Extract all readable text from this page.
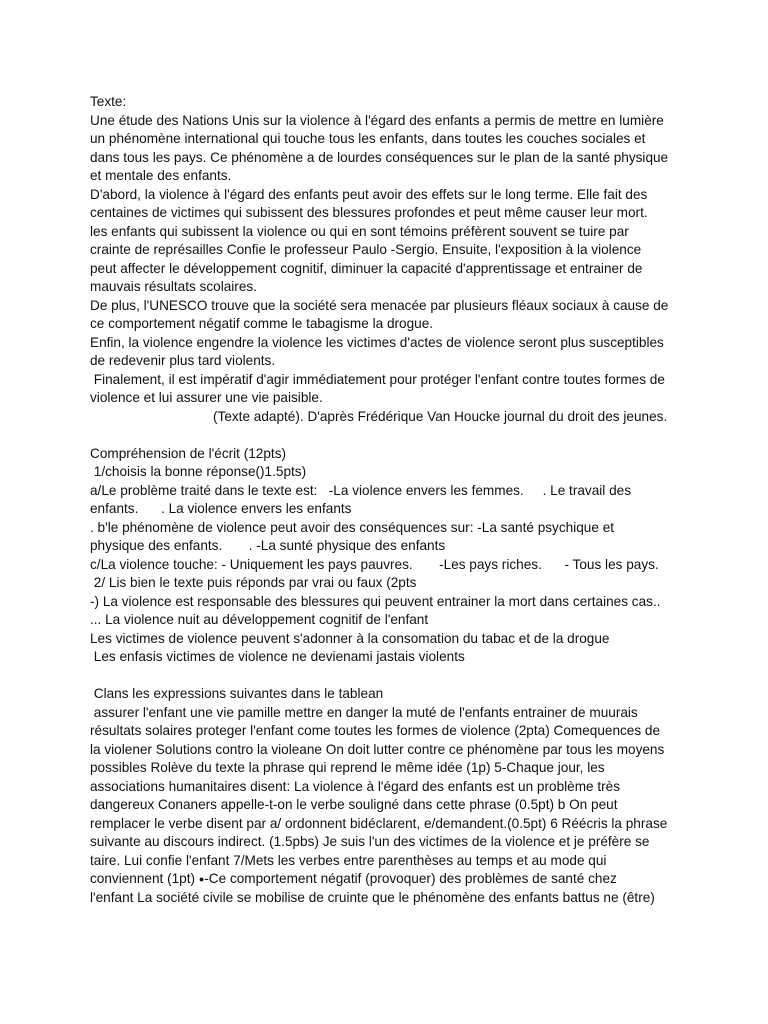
Texte:
Une étude des Nations Unis sur la violence à l'égard des enfants a permis de mettre en lumière
un phénomène international qui touche tous les enfants, dans toutes les couches sociales et
dans tous les pays. Ce phénomène a de lourdes conséquences sur le plan de la santé physique
et mentale des enfants.
D'abord, la violence à l'égard des enfants peut avoir des effets sur le long terme. Elle fait des
centaines de victimes qui subissent des blessures profondes et peut même causer leur mort.
les enfants qui subissent la violence ou qui en sont témoins préfèrent souvent se tuire par
crainte de représailles Confie le professeur Paulo -Sergio. Ensuite, l'exposition à la violence
peut affecter le développement cognitif, diminuer la capacité d'apprentissage et entrainer de
mauvais résultats scolaires.
De plus, l'UNESCO trouve que la société sera menacée par plusieurs fléaux sociaux à cause de
ce comportement négatif comme le tabagisme la drogue.
Enfin, la violence engendre la violence les victimes d'actes de violence seront plus susceptibles
de redevenir plus tard violents.
Finalement, il est impératif d'agir immédiatement pour protéger l'enfant contre toutes formes de
violence et lui assurer une vie paisible.
(Texte adapté). D'après Frédérique Van Houcke journal du droit des jeunes.
Compréhension de l'écrit (12pts)
1/choisis la bonne réponse()1.5pts)
a/Le problème traité dans le texte est:   -La violence envers les femmes.     . Le travail des
enfants.      . La violence envers les enfants
. b'le phénomène de violence peut avoir des conséquences sur: -La santé psychique et
physique des enfants.       . -La sunté physique des enfants
c/La violence touche: - Uniquement les pays pauvres.       -Les pays riches.      - Tous les pays.
2/ Lis bien le texte puis réponds par vrai ou faux (2pts
-) La violence est responsable des blessures qui peuvent entrainer la mort dans certaines cas..
... La violence nuit au développement cognitif de l'enfant
Les victimes de violence peuvent s'adonner à la consomation du tabac et de la drogue
Les enfasis victimes de violence ne devienami jastais violents
Clans les expressions suivantes dans le tablean
assurer l'enfant une vie pamille mettre en danger la muté de l'enfants entrainer de muurais
résultats solaires proteger l'enfant come toutes les formes de violence (2pta) Comequences de
la violener Solutions contro la violeane On doit lutter contre ce phénomène par tous les moyens
possibles Rolève du texte la phrase qui reprend le même idée (1p) 5-Chaque jour, les
associations humanitaires disent: La violence à l'égard des enfants est un problème très
dangereux Conaners appelle-t-on le verbe souligné dans cette phrase (0.5pt) b On peut
remplacer le verbe disent par a/ ordonnent bidéclarent, e/demandent.(0.5pt) 6 Réécris la phrase
suivante au discours indirect. (1.5pbs) Je suis l'un des victimes de la violence et je préfère se
taire. Lui confie l'enfant 7/Mets les verbes entre parenthèses au temps et au mode qui
conviennent (1pt) ●-Ce comportement négatif (provoquer) des problèmes de santé chez
l'enfant La société civile se mobilise de cruinte que le phénomène des enfants battus ne (être)
